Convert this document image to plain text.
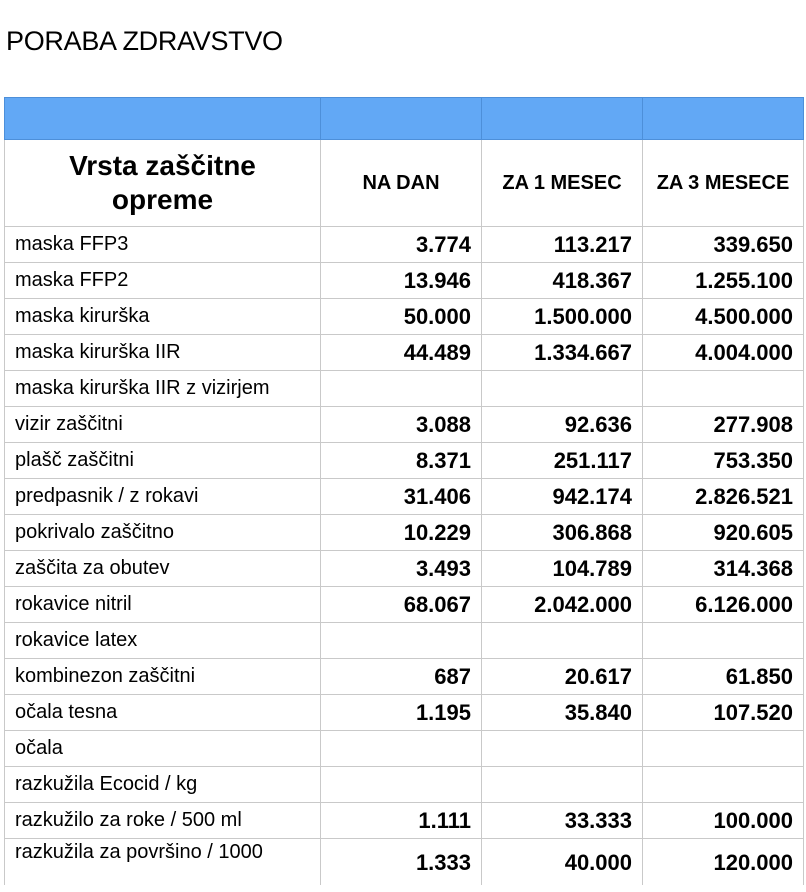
PORABA ZDRAVSTVO

Vrsta zaščitne opreme	NA DAN	ZA 1 MESEC	ZA 3 MESECE
maska FFP3	3.774	113.217	339.650
maska FFP2	13.946	418.367	1.255.100
maska kirurška	50.000	1.500.000	4.500.000
maska kirurška IIR	44.489	1.334.667	4.004.000
maska kirurška IIR z vizirjem			
vizir zaščitni	3.088	92.636	277.908
plašč zaščitni	8.371	251.117	753.350
predpasnik / z rokavi	31.406	942.174	2.826.521
pokrivalo zaščitno	10.229	306.868	920.605
zaščita za obutev	3.493	104.789	314.368
rokavice nitril	68.067	2.042.000	6.126.000
rokavice latex			
kombinezon zaščitni	687	20.617	61.850
očala tesna	1.195	35.840	107.520
očala			
razkužila Ecocid / kg			
razkužilo za roke / 500 ml	1.111	33.333	100.000
razkužila za površino / 1000	1.333	40.000	120.000
